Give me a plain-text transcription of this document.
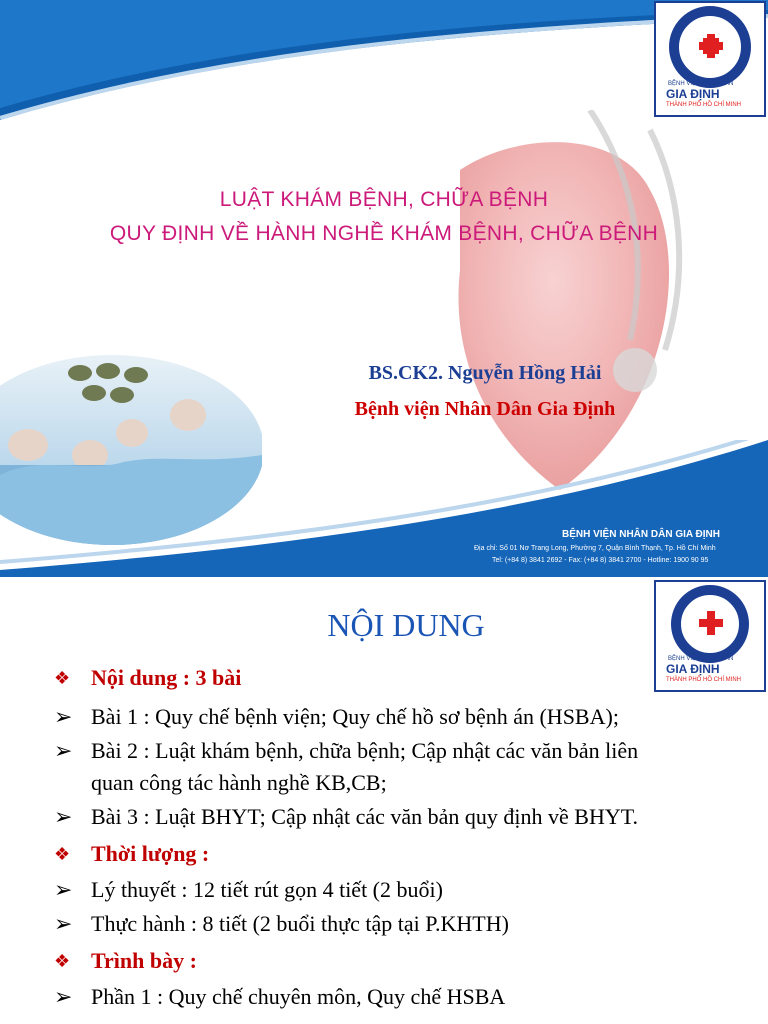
BỆNH VIỆN NHÂN DÂN
GIA ĐỊNH
THÀNH PHỐ HỒ CHÍ MINH
LUẬT KHÁM BỆNH, CHỮA BỆNH
QUY ĐỊNH VỀ HÀNH NGHỀ KHÁM BỆNH, CHỮA BỆNH
BS.CK2. Nguyễn Hồng Hải
Bệnh viện Nhân Dân Gia Định
BỆNH VIỆN NHÂN DÂN GIA ĐỊNH
Địa chỉ: Số 01 Nơ Trang Long, Phường 7, Quận Bình Thạnh, Tp. Hồ Chí Minh
Tel: (+84 8) 3841 2692 - Fax: (+84 8) 3841 2700 - Hotline: 1900 90 95
BỆNH VIỆN NHÂN DÂN
GIA ĐỊNH
THÀNH PHỐ HỒ CHÍ MINH
NỘI DUNG
❖ Nội dung : 3 bài
➢ Bài 1 : Quy chế bệnh viện; Quy chế hồ sơ bệnh án (HSBA);
➢ Bài 2 : Luật khám bệnh, chữa bệnh; Cập nhật các văn bản liên
quan công tác hành nghề KB,CB;
➢ Bài 3 : Luật BHYT; Cập nhật các văn bản quy định về BHYT.
❖ Thời lượng :
➢ Lý thuyết : 12 tiết rút gọn 4 tiết (2 buổi)
➢ Thực hành : 8 tiết (2 buổi thực tập tại P.KHTH)
❖ Trình bày :
➢ Phần 1 : Quy chế chuyên môn, Quy chế HSBA
